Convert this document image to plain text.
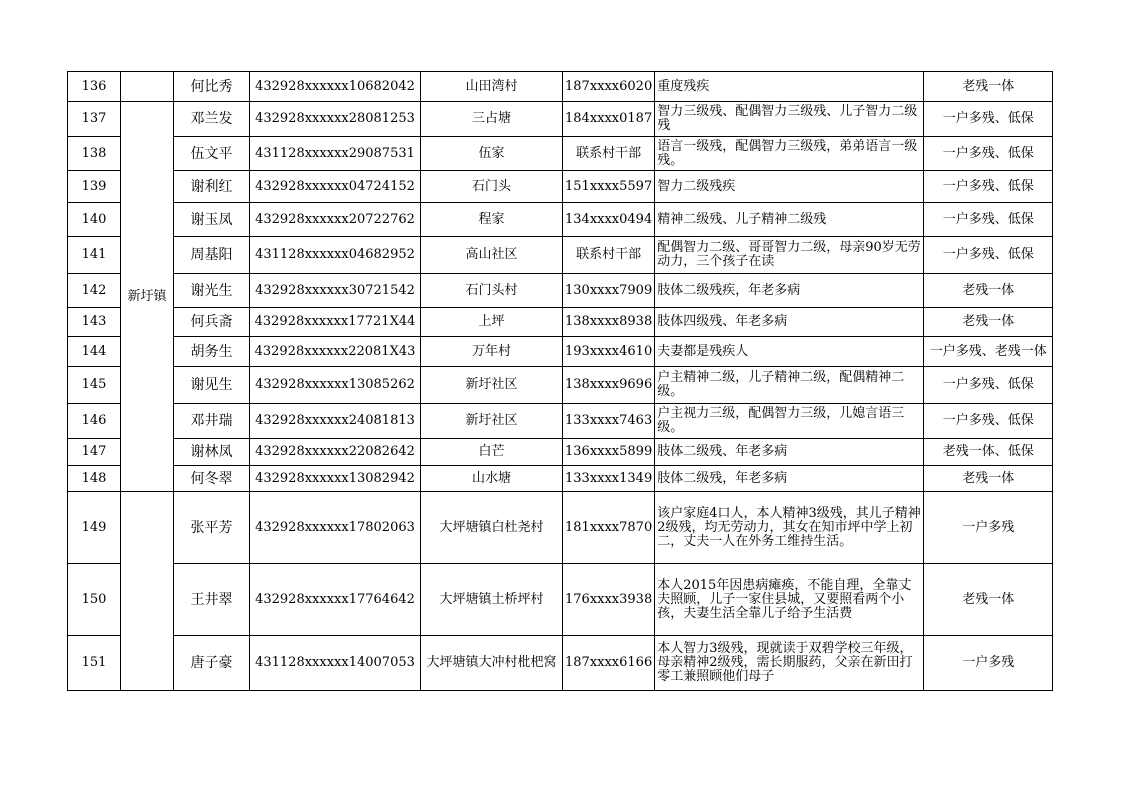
136		何比秀	432928xxxxxx10682042	山田湾村	187xxxx6020	重度残疾	老残一体
137	新圩镇	邓兰发	432928xxxxxx28081253	三占塘	184xxxx0187	智力三级残、配偶智力三级残、儿子智力二级残	一户多残、低保
138		伍文平	431128xxxxxx29087531	伍家	联系村干部	语言一级残，配偶智力三级残，弟弟语言一级残。	一户多残、低保
139		谢利红	432928xxxxxx04724152	石门头	151xxxx5597	智力二级残疾	一户多残、低保
140		谢玉凤	432928xxxxxx20722762	程家	134xxxx0494	精神二级残、儿子精神二级残	一户多残、低保
141		周基阳	431128xxxxxx04682952	高山社区	联系村干部	配偶智力二级、哥哥智力二级，母亲90岁无劳动力，三个孩子在读	一户多残、低保
142		谢光生	432928xxxxxx30721542	石门头村	130xxxx7909	肢体二级残疾，年老多病	老残一体
143		何兵斋	432928xxxxxx17721X44	上坪	138xxxx8938	肢体四级残、年老多病	老残一体
144		胡务生	432928xxxxxx22081X43	万年村	193xxxx4610	夫妻都是残疾人	一户多残、老残一体
145		谢见生	432928xxxxxx13085262	新圩社区	138xxxx9696	户主精神二级，儿子精神二级，配偶精神二级。	一户多残、低保
146		邓井瑞	432928xxxxxx24081813	新圩社区	133xxxx7463	户主视力三级，配偶智力三级，儿媳言语三级。	一户多残、低保
147		谢林凤	432928xxxxxx22082642	白芒	136xxxx5899	肢体二级残、年老多病	老残一体、低保
148		何冬翠	432928xxxxxx13082942	山水塘	133xxxx1349	肢体二级残，年老多病	老残一体
149		张平芳	432928xxxxxx17802063	大坪塘镇白杜尧村	181xxxx7870	该户家庭4口人，本人精神3级残，其儿子精神2级残，均无劳动力，其女在知市坪中学上初二，丈夫一人在外务工维持生活。	一户多残
150		王井翠	432928xxxxxx17764642	大坪塘镇土桥坪村	176xxxx3938	本人2015年因患病瘫痪，不能自理，全靠丈夫照顾，儿子一家住县城，又要照看两个小孩，夫妻生活全靠儿子给予生活费	老残一体
151		唐子豪	431128xxxxxx14007053	大坪塘镇大冲村枇杷窝	187xxxx6166	本人智力3级残，现就读于双碧学校三年级，母亲精神2级残，需长期服药，父亲在新田打零工兼照顾他们母子	一户多残
